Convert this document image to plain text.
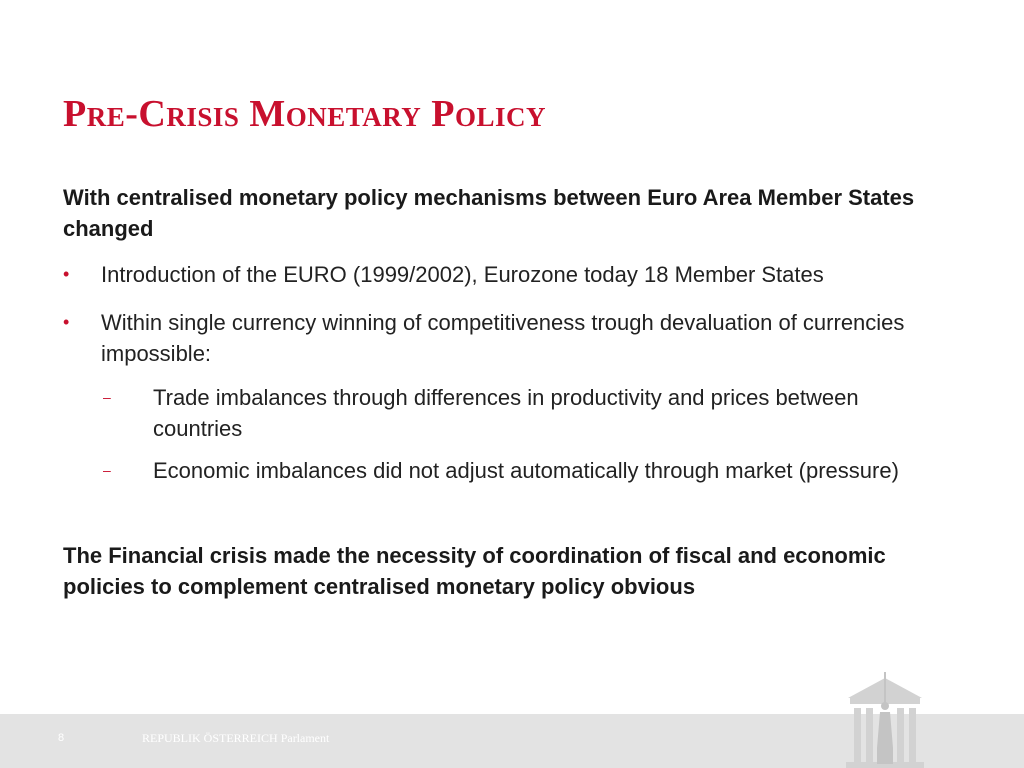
Pre-Crisis Monetary Policy
With centralised monetary policy mechanisms between Euro Area Member States changed
• Introduction of the EURO (1999/2002), Eurozone today 18 Member States
• Within single currency winning of competitiveness trough devaluation of currencies impossible:
– Trade imbalances through differences in productivity and prices between countries
– Economic imbalances did not adjust automatically through market (pressure)
The Financial crisis made the necessity of coordination of fiscal and economic policies to complement centralised monetary policy obvious
8	REPUBLIK ÖSTERREICH Parlament
